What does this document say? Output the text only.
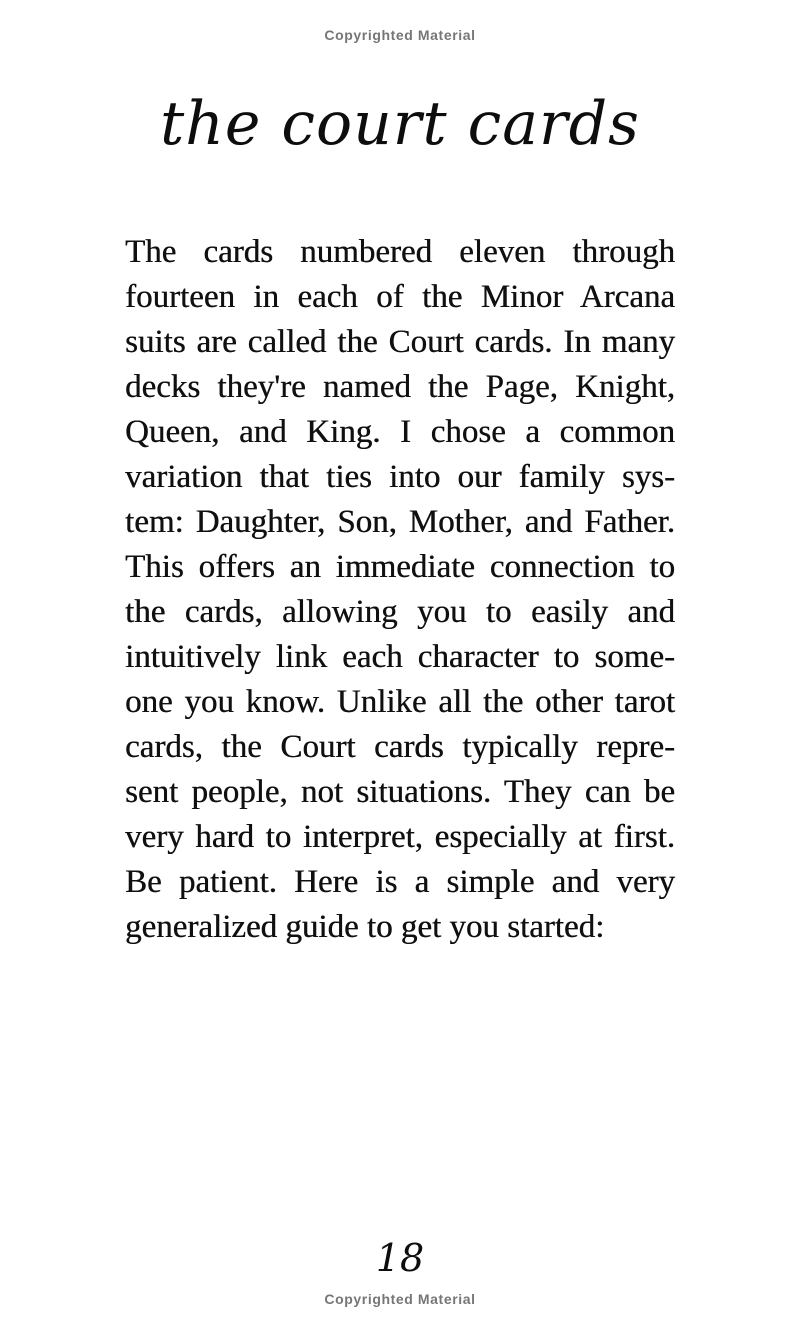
Copyrighted Material
the court cards
The cards numbered eleven through
fourteen in each of the Minor Arcana
suits are called the Court cards. In many
decks they're named the Page, Knight,
Queen, and King. I chose a common
variation that ties into our family sys-
tem: Daughter, Son, Mother, and Father.
This offers an immediate connection to
the cards, allowing you to easily and
intuitively link each character to some-
one you know. Unlike all the other tarot
cards, the Court cards typically repre-
sent people, not situations. They can be
very hard to interpret, especially at first.
Be patient. Here is a simple and very
generalized guide to get you started:
18
Copyrighted Material
